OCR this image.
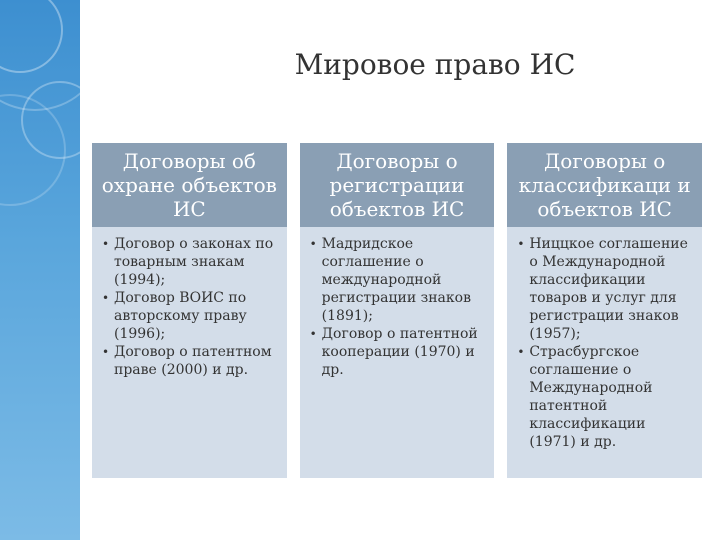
Мировое право ИС
Договоры об охране объектов ИС
• Договор о законах по товарным знакам (1994);
• Договор ВОИС по авторскому праву (1996);
• Договор о патентном праве (2000) и др.
Договоры о регистрации объектов ИС
• Мадридское соглашение о международной регистрации знаков (1891);
• Договор о патентной кооперации (1970) и др.
Договоры о классификаци и объектов ИС
• Ниццкое соглашение о Международной классификации товаров и услуг для регистрации знаков (1957);
• Страсбургское соглашение о Международной патентной классификации (1971) и др.
